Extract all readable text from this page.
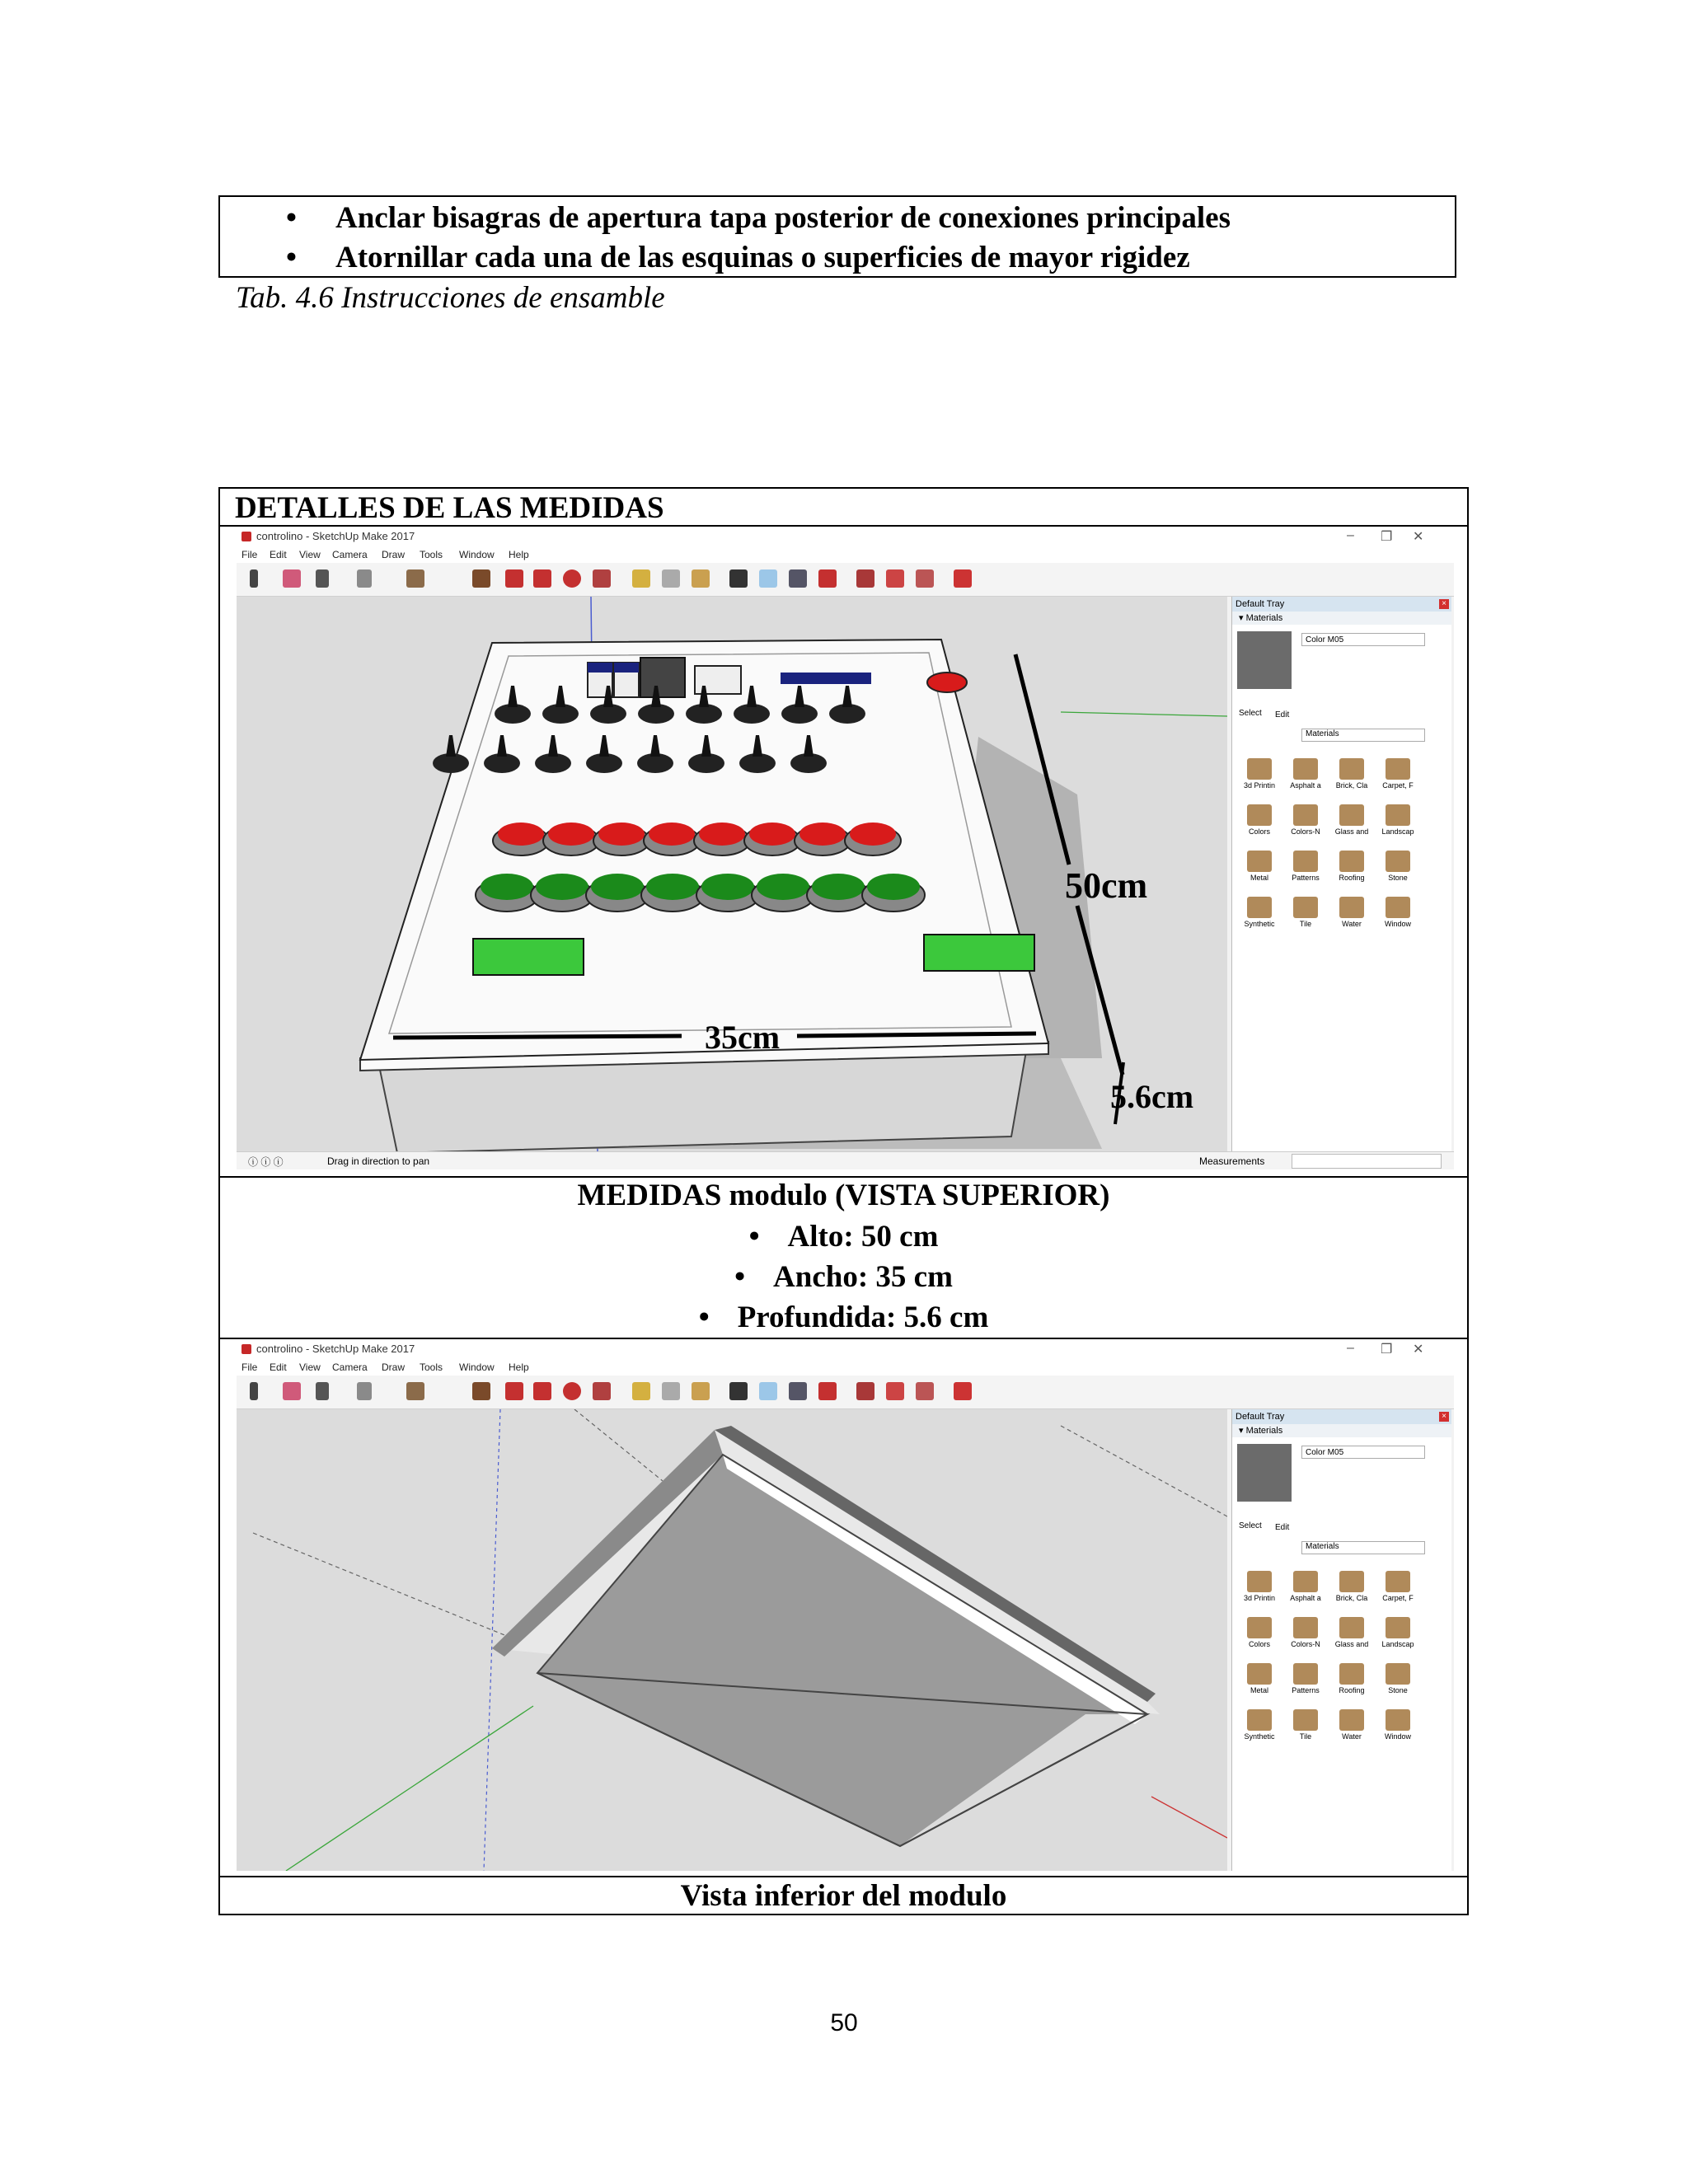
• Anclar bisagras de apertura tapa posterior de conexiones principales
• Atornillar cada una de las esquinas o superficies de mayor rigidez
Tab. 4.6 Instrucciones de ensamble
DETALLES DE LAS MEDIDAS
controlino - SketchUp Make 2017	– ❐ ✕
File Edit View Camera Draw Tools Window Help
50cm
35cm
5.6cm
Default Tray	×
▾ Materials
Color M05
Select Edit
Materials
3d Printin	Asphalt a	Brick, Cla	Carpet, F
Colors	Colors-N	Glass and	Landscap
Metal	Patterns	Roofing	Stone
Synthetic	Tile	Water	Window
ⓘ ⓘ ⓘ	Drag in direction to pan	Measurements
MEDIDAS modulo (VISTA SUPERIOR)
• Alto: 50 cm
• Ancho: 35 cm
• Profundida: 5.6 cm
controlino - SketchUp Make 2017	– ❐ ✕
File Edit View Camera Draw Tools Window Help
Default Tray	×
▾ Materials
Color M05
Select Edit
Materials
3d Printin	Asphalt a	Brick, Cla	Carpet, F
Colors	Colors-N	Glass and	Landscap
Metal	Patterns	Roofing	Stone
Synthetic	Tile	Water	Window
Vista inferior del modulo
50
